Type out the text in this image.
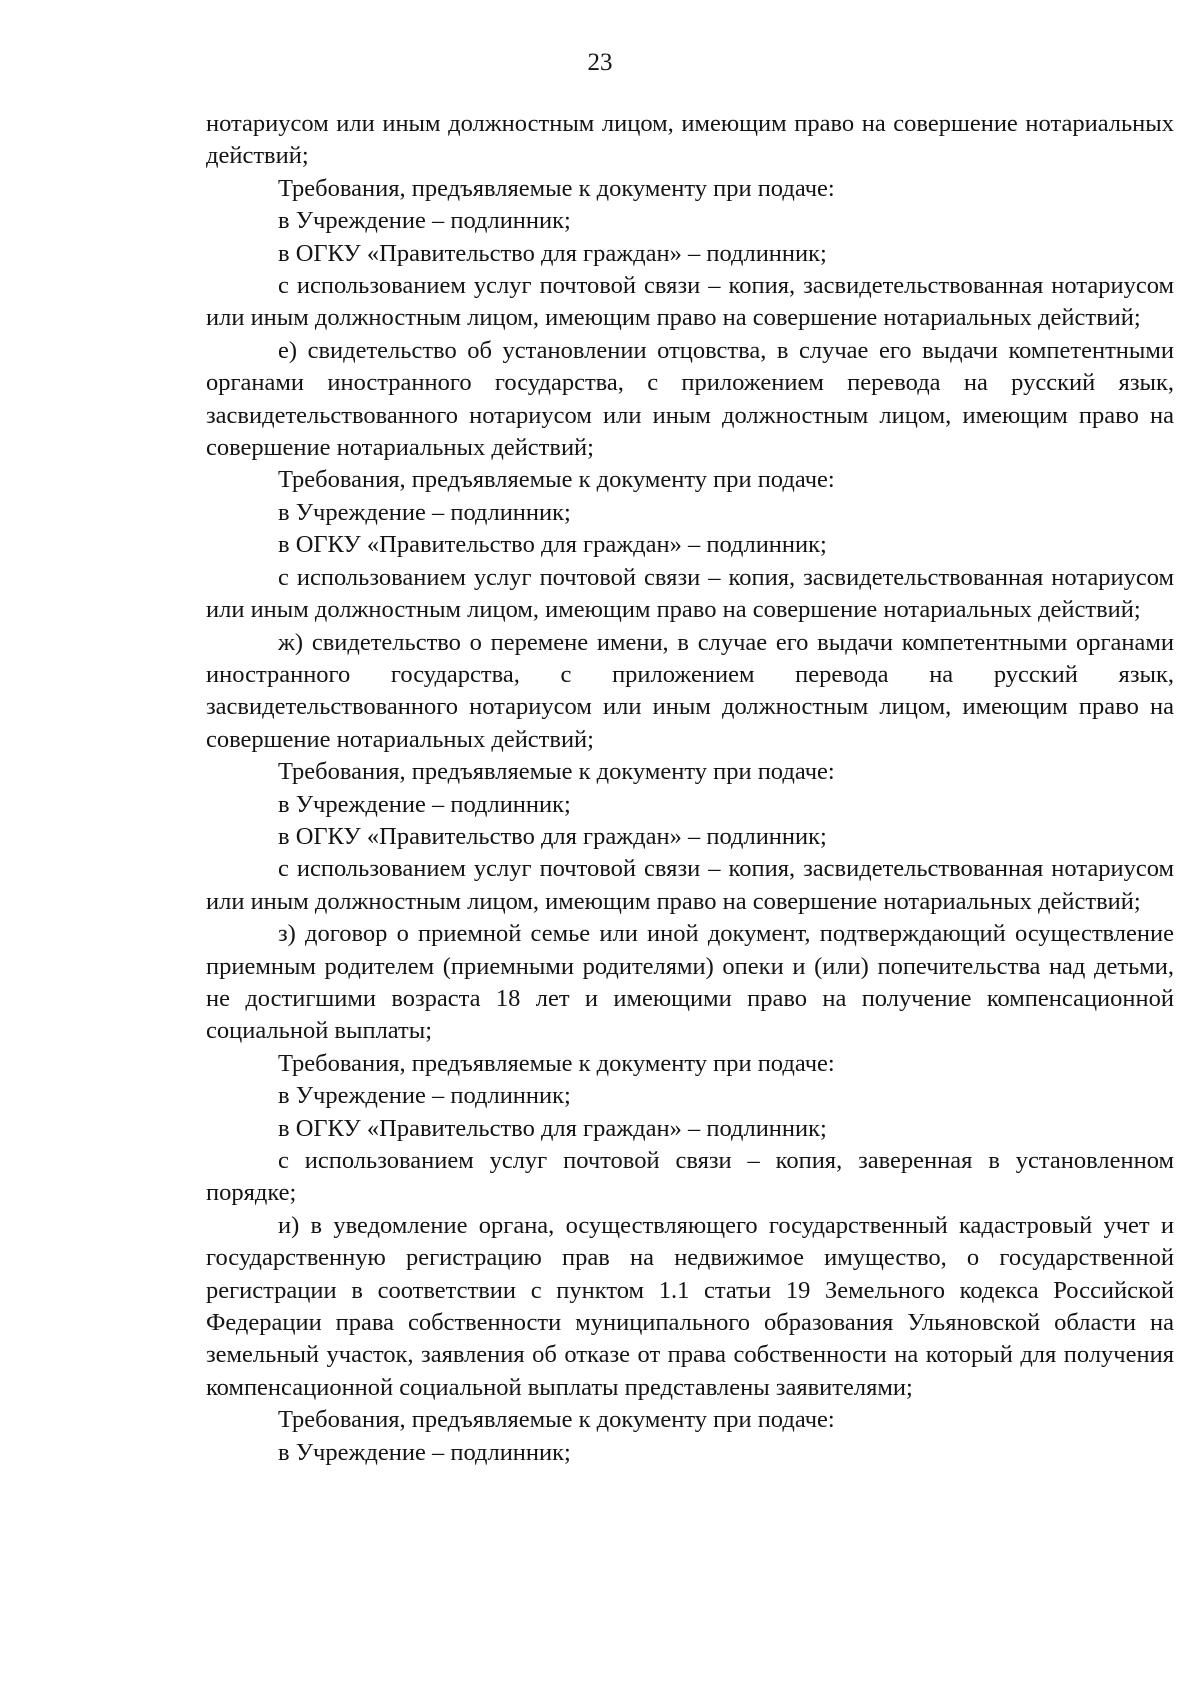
23

нотариусом или иным должностным лицом, имеющим право на совершение нотариальных действий;

Требования, предъявляемые к документу при подаче:

в Учреждение – подлинник;

в ОГКУ «Правительство для граждан» – подлинник;

с использованием услуг почтовой связи – копия, засвидетельствованная нотариусом или иным должностным лицом, имеющим право на совершение нотариальных действий;

е) свидетельство об установлении отцовства, в случае его выдачи компетентными органами иностранного государства, с приложением перевода на русский язык, засвидетельствованного нотариусом или иным должностным лицом, имеющим право на совершение нотариальных действий;

Требования, предъявляемые к документу при подаче:

в Учреждение – подлинник;

в ОГКУ «Правительство для граждан» – подлинник;

с использованием услуг почтовой связи – копия, засвидетельствованная нотариусом или иным должностным лицом, имеющим право на совершение нотариальных действий;

ж) свидетельство о перемене имени, в случае его выдачи компетентными органами иностранного государства, с приложением перевода на русский язык, засвидетельствованного нотариусом или иным должностным лицом, имеющим право на совершение нотариальных действий;

Требования, предъявляемые к документу при подаче:

в Учреждение – подлинник;

в ОГКУ «Правительство для граждан» – подлинник;

с использованием услуг почтовой связи – копия, засвидетельствованная нотариусом или иным должностным лицом, имеющим право на совершение нотариальных действий;

з) договор о приемной семье или иной документ, подтверждающий осуществление приемным родителем (приемными родителями) опеки и (или) попечительства над детьми, не достигшими возраста 18 лет и имеющими право на получение компенсационной социальной выплаты;

Требования, предъявляемые к документу при подаче:

в Учреждение – подлинник;

в ОГКУ «Правительство для граждан» – подлинник;

с использованием услуг почтовой связи – копия, заверенная в установленном порядке;

и) в уведомление органа, осуществляющего государственный кадастровый учет и государственную регистрацию прав на недвижимое имущество, о государственной регистрации в соответствии с пунктом 1.1 статьи 19 Земельного кодекса Российской Федерации права собственности муниципального образования Ульяновской области на земельный участок, заявления об отказе от права собственности на который для получения компенсационной социальной выплаты представлены заявителями;

Требования, предъявляемые к документу при подаче:

в Учреждение – подлинник;
